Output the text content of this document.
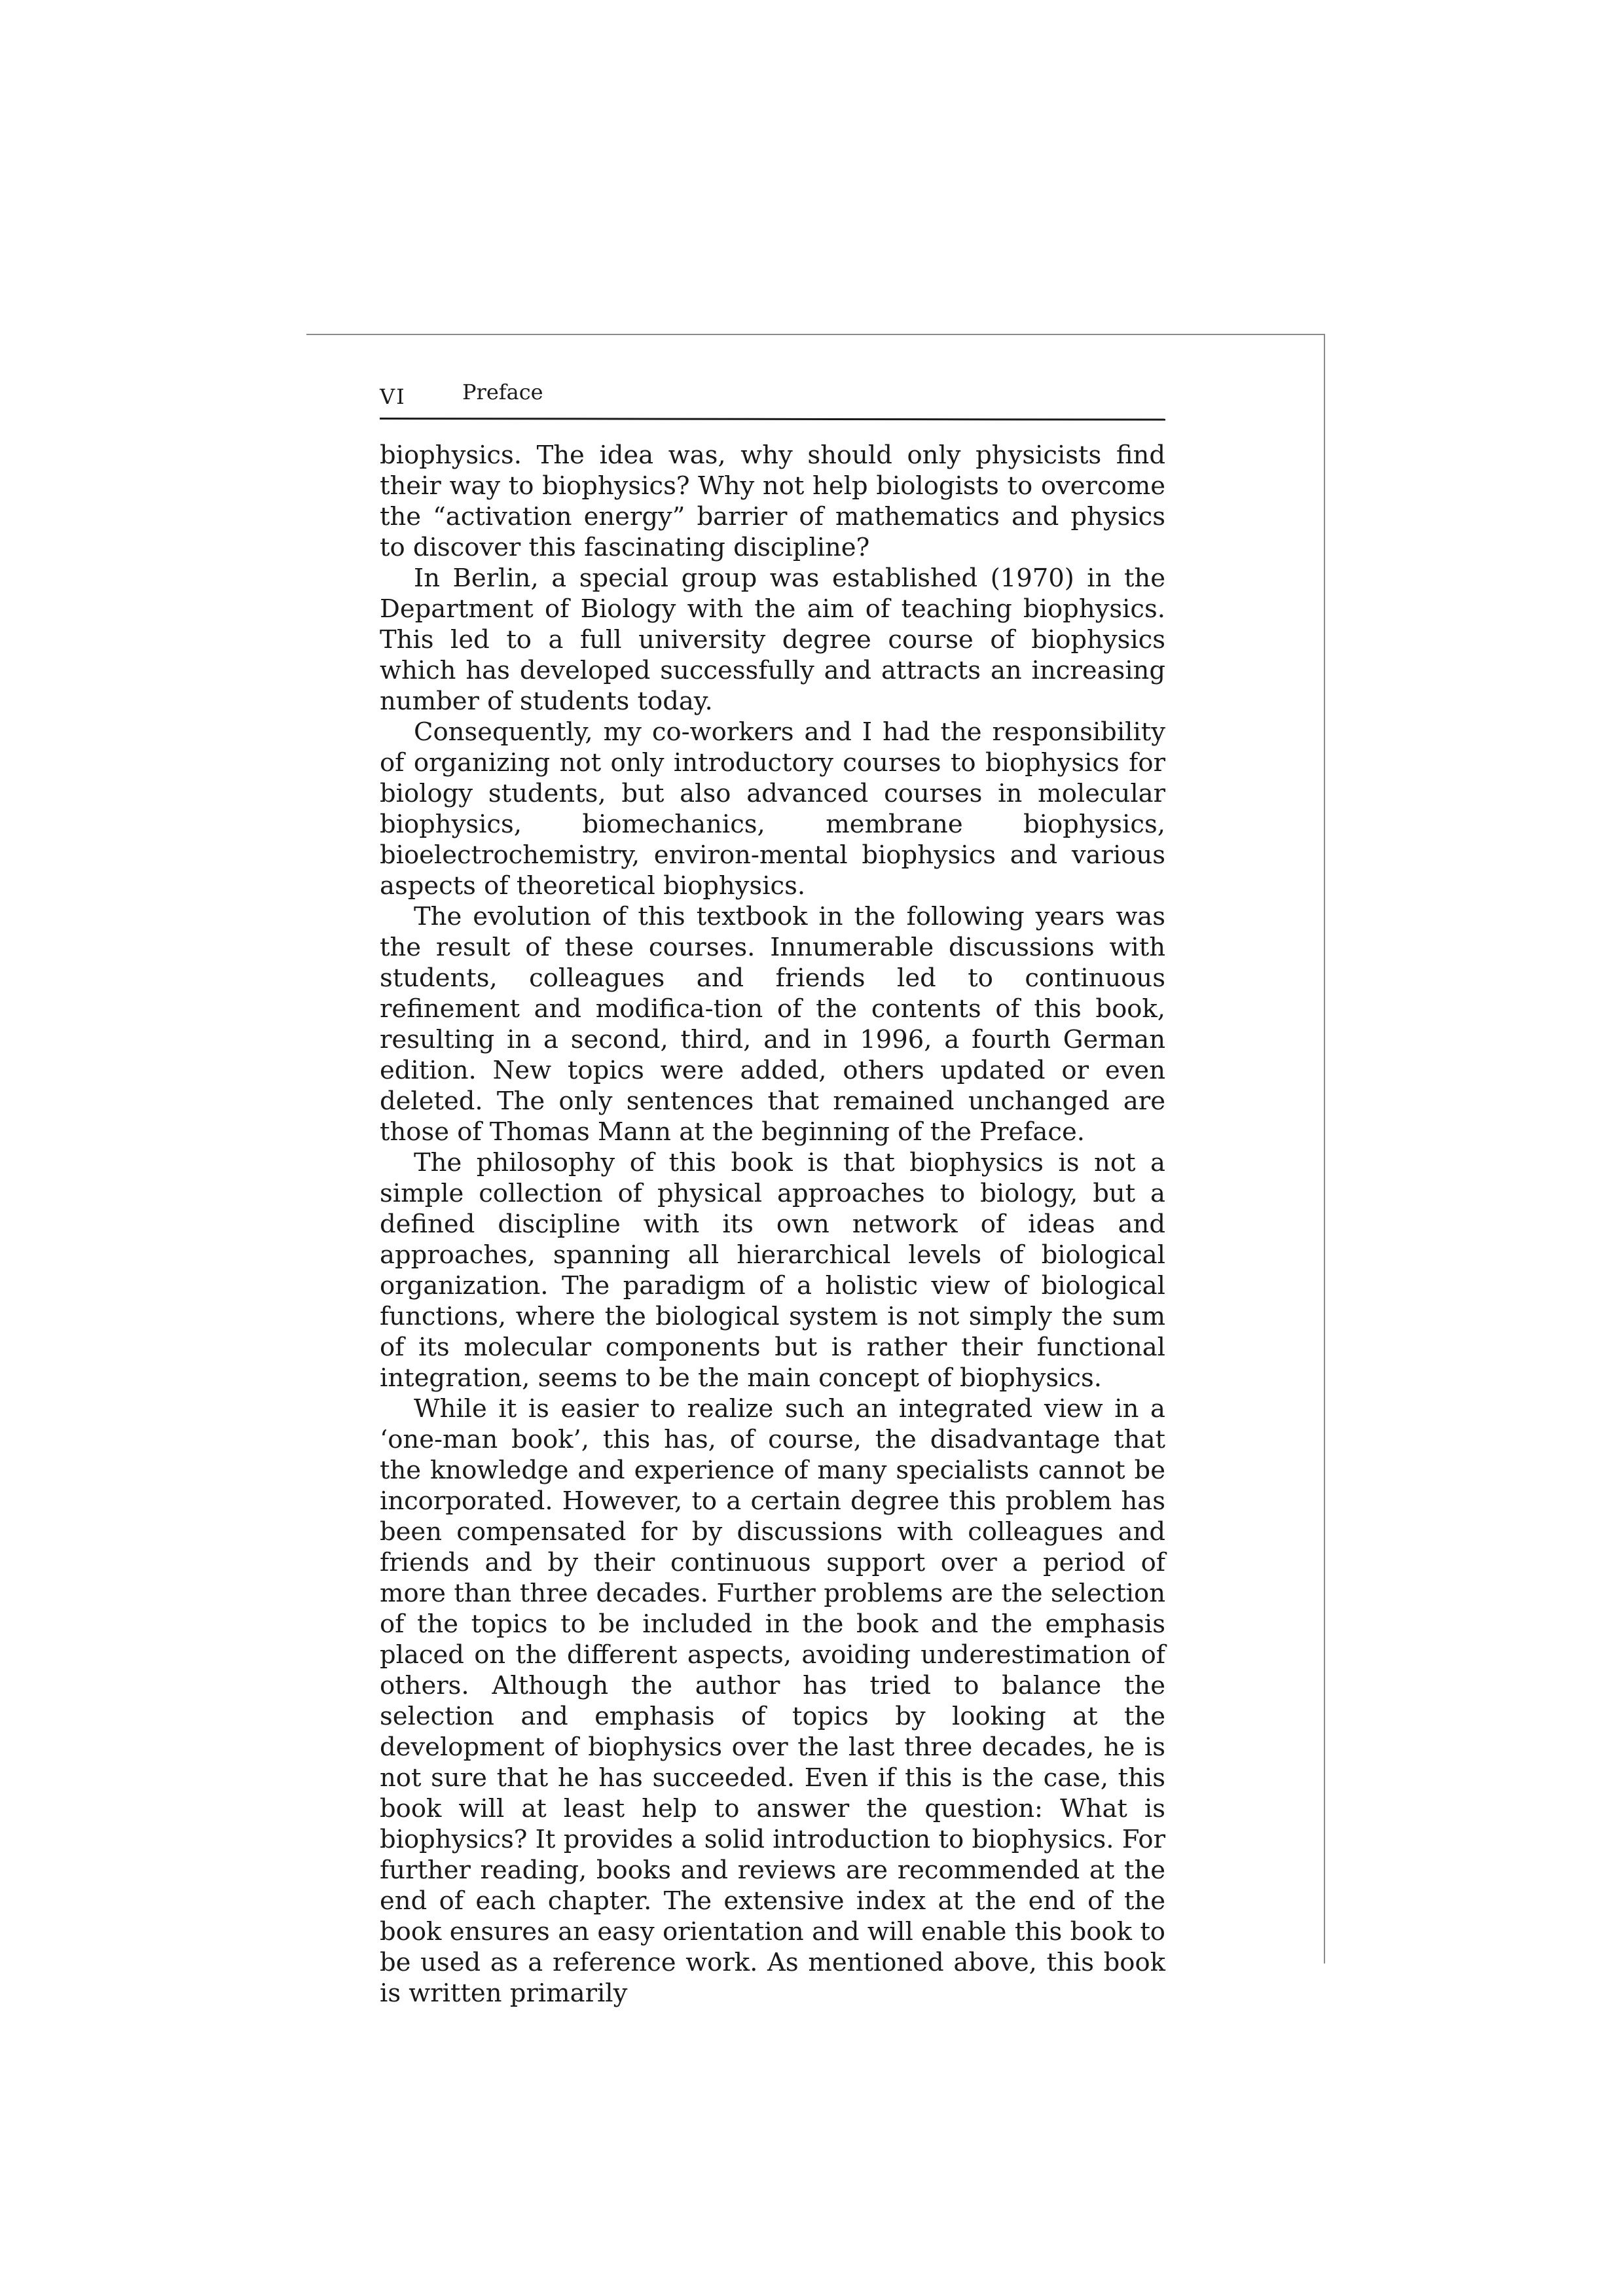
VI	Preface

biophysics. The idea was, why should only physicists find their way to biophysics? Why not help biologists to overcome the “activation energy” barrier of mathematics and physics to discover this fascinating discipline?

In Berlin, a special group was established (1970) in the Department of Biology with the aim of teaching biophysics. This led to a full university degree course of biophysics which has developed successfully and attracts an increasing number of students today.

Consequently, my co-workers and I had the responsibility of organizing not only introductory courses to biophysics for biology students, but also advanced courses in molecular biophysics, biomechanics, membrane biophysics, bioelectrochemistry, environ-mental biophysics and various aspects of theoretical biophysics.

The evolution of this textbook in the following years was the result of these courses. Innumerable discussions with students, colleagues and friends led to continuous refinement and modifica-tion of the contents of this book, resulting in a second, third, and in 1996, a fourth German edition. New topics were added, others updated or even deleted. The only sentences that remained unchanged are those of Thomas Mann at the beginning of the Preface.

The philosophy of this book is that biophysics is not a simple collection of physical approaches to biology, but a defined discipline with its own network of ideas and approaches, spanning all hierarchical levels of biological organization. The paradigm of a holistic view of biological functions, where the biological system is not simply the sum of its molecular components but is rather their functional integration, seems to be the main concept of biophysics.

While it is easier to realize such an integrated view in a ‘one-man book’, this has, of course, the disadvantage that the knowledge and experience of many specialists cannot be incorporated. However, to a certain degree this problem has been compensated for by discussions with colleagues and friends and by their continuous support over a period of more than three decades. Further problems are the selection of the topics to be included in the book and the emphasis placed on the different aspects, avoiding underestimation of others. Although the author has tried to balance the selection and emphasis of topics by looking at the development of biophysics over the last three decades, he is not sure that he has succeeded. Even if this is the case, this book will at least help to answer the question: What is biophysics? It provides a solid introduction to biophysics. For further reading, books and reviews are recommended at the end of each chapter. The extensive index at the end of the book ensures an easy orientation and will enable this book to be used as a reference work. As mentioned above, this book is written primarily
